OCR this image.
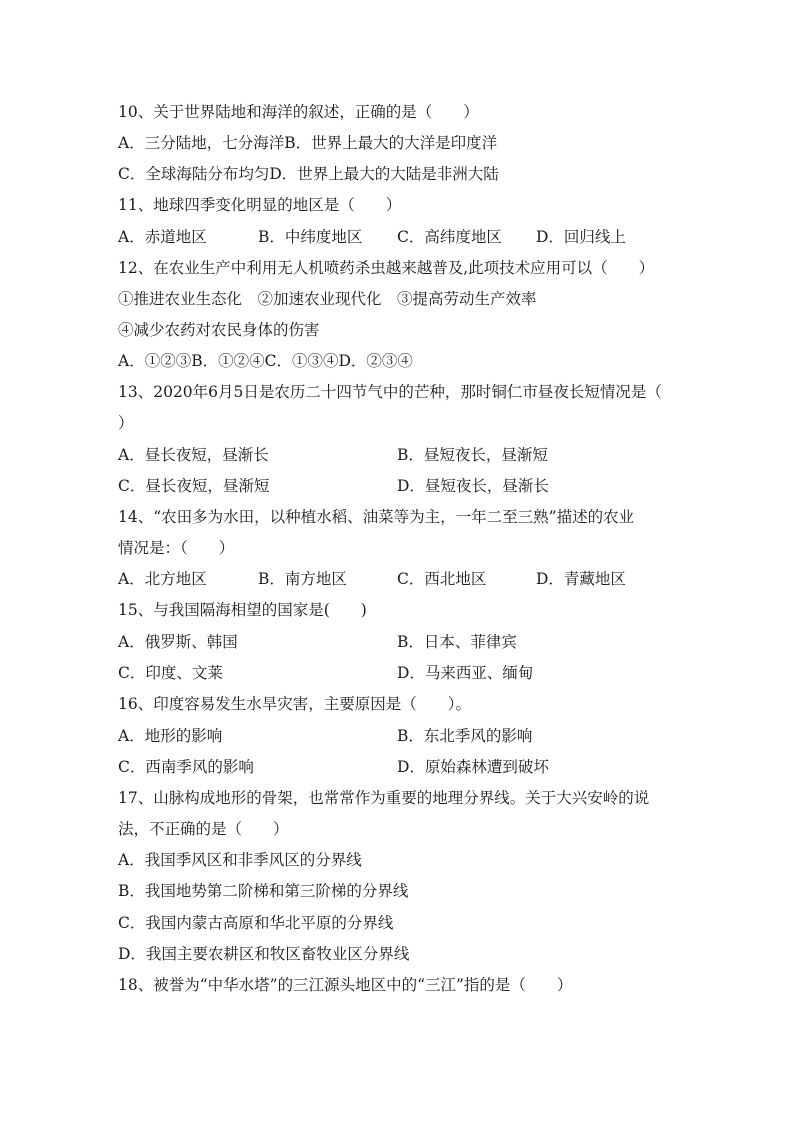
10、关于世界陆地和海洋的叙述，正确的是（　　）
A．三分陆地，七分海洋B．世界上最大的大洋是印度洋
C．全球海陆分布均匀D．世界上最大的大陆是非洲大陆
11、地球四季变化明显的地区是（　　）
A．赤道地区	B．中纬度地区 C．高纬度地区 D．回归线上
12、在农业生产中利用无人机喷药杀虫越来越普及,此项技术应用可以（　　）
①推进农业生态化　②加速农业现代化　③提高劳动生产效率
④减少农药对农民身体的伤害
A．①②③B．①②④C．①③④D．②③④
13、2020年6月5日是农历二十四节气中的芒种，那时铜仁市昼夜长短情况是（
）
A．昼长夜短，昼渐长	B．昼短夜长，昼渐短
C．昼长夜短，昼渐短	D．昼短夜长，昼渐长
14、“农田多为水田，以种植水稻、油菜等为主，一年二至三熟”描述的农业
情况是：（　　）
A．北方地区	B．南方地区	C．西北地区	D．青藏地区
15、与我国隔海相望的国家是(　　)
A．俄罗斯、韩国	B．日本、菲律宾
C．印度、文莱	D．马来西亚、缅甸
16、印度容易发生水旱灾害，主要原因是（　　）。
A．地形的影响	B．东北季风的影响
C．西南季风的影响	D．原始森林遭到破坏
17、山脉构成地形的骨架，也常常作为重要的地理分界线。关于大兴安岭的说
法，不正确的是（　　）
A．我国季风区和非季风区的分界线
B．我国地势第二阶梯和第三阶梯的分界线
C．我国内蒙古高原和华北平原的分界线
D．我国主要农耕区和牧区畜牧业区分界线
18、被誉为“中华水塔”的三江源头地区中的“三江”指的是（　　）
